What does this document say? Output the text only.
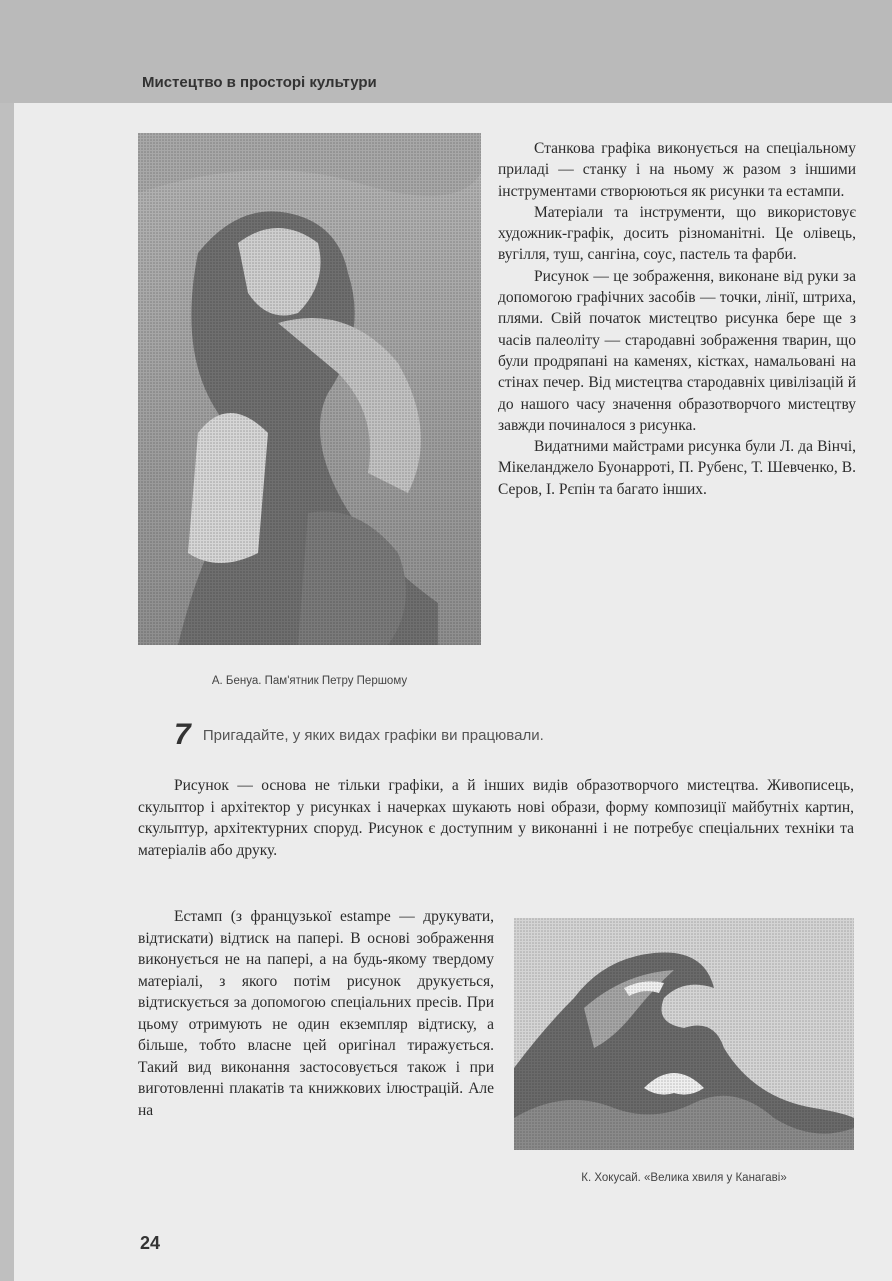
Мистецтво в просторі культури
А. Бенуа. Пам'ятник Петру Першому

Станкова графіка виконується на спеціальному приладі — станку і на ньому ж разом з іншими інструментами створюються як рисунки та естампи.

Матеріали та інструменти, що використовує художник-графік, досить різноманітні. Це олівець, вугілля, туш, сангіна, соус, пастель та фарби.

Рисунок — це зображення, виконане від руки за допомогою графічних засобів — точки, лінії, штриха, плями. Свій початок мистецтво рисунка бере ще з часів палеоліту — стародавні зображення тварин, що були продряпані на каменях, кістках, намальовані на стінах печер. Від мистецтва стародавніх цивілізацій й до нашого часу значення образотворчого мистецтву завжди починалося з рисунка.

Видатними майстрами рисунка були Л. да Вінчі, Мікеланджело Буонарроті, П. Рубенс, Т. Шевченко, В. Серов, І. Рєпін та багато інших.

7 Пригадайте, у яких видах графіки ви працювали.

Рисунок — основа не тільки графіки, а й інших видів образотворчого мистецтва. Живописець, скульптор і архітектор у рисунках і начерках шукають нові образи, форму композиції майбутніх картин, скульптур, архітектурних споруд. Рисунок є доступним у виконанні і не потребує спеціальних техніки та матеріалів або друку.

Естамп (з французької estampe — друкувати, відтискати) відтиск на папері. В основі зображення виконується не на папері, а на будь-якому твердому матеріалі, з якого потім рисунок друкується, відтискується за допомогою спеціальних пресів. При цьому отримують не один екземпляр відтиску, а більше, тобто власне цей оригінал тиражується. Такий вид виконання застосовується також і при виготовленні плакатів та книжкових ілюстрацій. Але на

К. Хокусай. «Велика хвиля у Канагаві»
24
